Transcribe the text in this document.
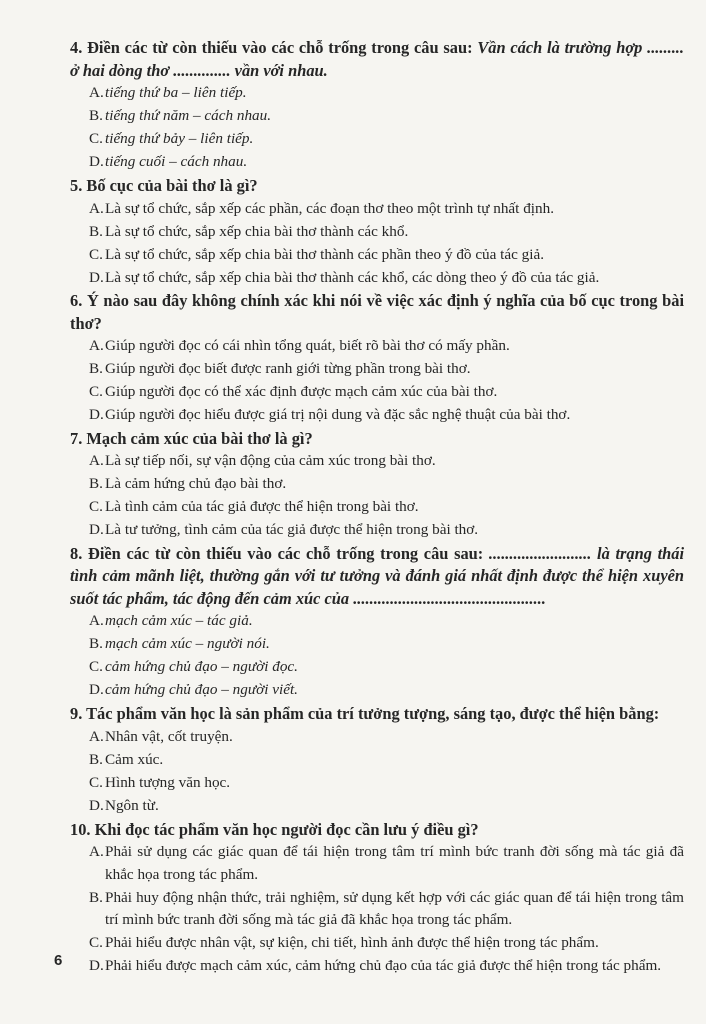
4. Điền các từ còn thiếu vào các chỗ trống trong câu sau: Vần cách là trường hợp ......... ở hai dòng thơ .............. vần với nhau.
A. tiếng thứ ba – liên tiếp.
B. tiếng thứ năm – cách nhau.
C. tiếng thứ bảy – liên tiếp.
D. tiếng cuối – cách nhau.
5. Bố cục của bài thơ là gì?
A. Là sự tổ chức, sắp xếp các phần, các đoạn thơ theo một trình tự nhất định.
B. Là sự tổ chức, sắp xếp chia bài thơ thành các khổ.
C. Là sự tổ chức, sắp xếp chia bài thơ thành các phần theo ý đồ của tác giả.
D. Là sự tổ chức, sắp xếp chia bài thơ thành các khổ, các dòng theo ý đồ của tác giả.
6. Ý nào sau đây không chính xác khi nói về việc xác định ý nghĩa của bố cục trong bài thơ?
A. Giúp người đọc có cái nhìn tổng quát, biết rõ bài thơ có mấy phần.
B. Giúp người đọc biết được ranh giới từng phần trong bài thơ.
C. Giúp người đọc có thể xác định được mạch cảm xúc của bài thơ.
D. Giúp người đọc hiểu được giá trị nội dung và đặc sắc nghệ thuật của bài thơ.
7. Mạch cảm xúc của bài thơ là gì?
A. Là sự tiếp nối, sự vận động của cảm xúc trong bài thơ.
B. Là cảm hứng chủ đạo bài thơ.
C. Là tình cảm của tác giả được thể hiện trong bài thơ.
D. Là tư tưởng, tình cảm của tác giả được thể hiện trong bài thơ.
8. Điền các từ còn thiếu vào các chỗ trống trong câu sau: ......................... là trạng thái tình cảm mãnh liệt, thường gắn với tư tưởng và đánh giá nhất định được thể hiện xuyên suốt tác phẩm, tác động đến cảm xúc của ...............................................
A. mạch cảm xúc – tác giả.
B. mạch cảm xúc – người nói.
C. cảm hứng chủ đạo – người đọc.
D. cảm hứng chủ đạo – người viết.
9. Tác phẩm văn học là sản phẩm của trí tưởng tượng, sáng tạo, được thể hiện bằng:
A. Nhân vật, cốt truyện.
B. Cảm xúc.
C. Hình tượng văn học.
D. Ngôn từ.
10. Khi đọc tác phẩm văn học người đọc cần lưu ý điều gì?
A. Phải sử dụng các giác quan để tái hiện trong tâm trí mình bức tranh đời sống mà tác giả đã khắc họa trong tác phẩm.
B. Phải huy động nhận thức, trải nghiệm, sử dụng kết hợp với các giác quan để tái hiện trong tâm trí mình bức tranh đời sống mà tác giả đã khắc họa trong tác phẩm.
C. Phải hiểu được nhân vật, sự kiện, chi tiết, hình ảnh được thể hiện trong tác phẩm.
D. Phải hiểu được mạch cảm xúc, cảm hứng chủ đạo của tác giả được thể hiện trong tác phẩm.
6
